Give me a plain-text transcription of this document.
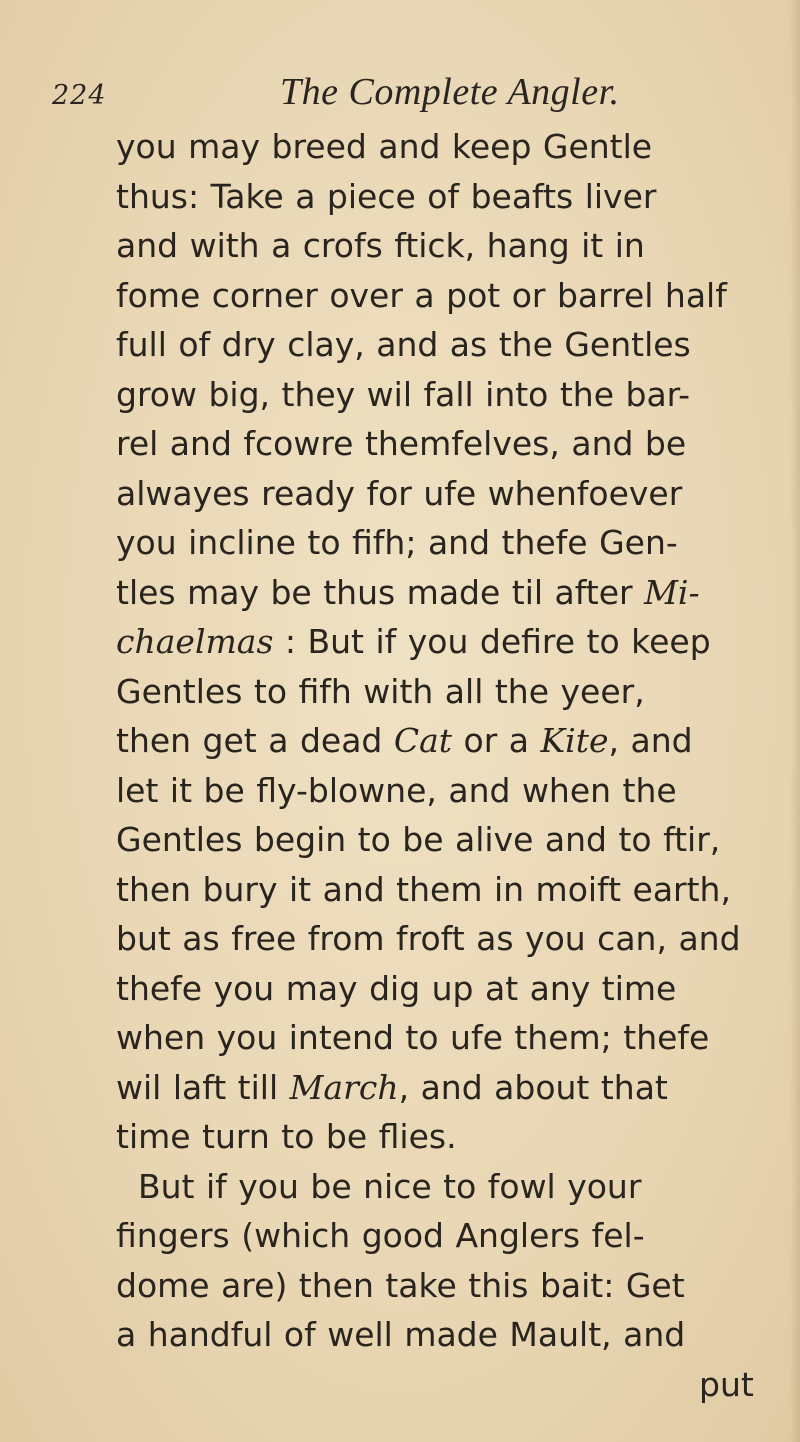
224	The Complete Angler.
you may breed and keep Gentle
thus: Take a piece of beafts liver
and with a crofs ftick, hang it in
fome corner over a pot or barrel half
full of dry clay, and as the Gentles
grow big, they wil fall into the bar-
rel and fcowre themfelves, and be
alwayes ready for ufe whenfoever
you incline to fifh; and thefe Gen-
tles may be thus made til after Mi-
chaelmas : But if you defire to keep
Gentles to fifh with all the yeer,
then get a dead Cat or a Kite, and
let it be fly-blowne, and when the
Gentles begin to be alive and to ftir,
then bury it and them in moift earth,
but as free from froft as you can, and
thefe you may dig up at any time
when you intend to ufe them; thefe
wil laft till March, and about that
time turn to be flies.
But if you be nice to fowl your
fingers (which good Anglers fel-
dome are) then take this bait: Get
a handful of well made Mault, and
put
